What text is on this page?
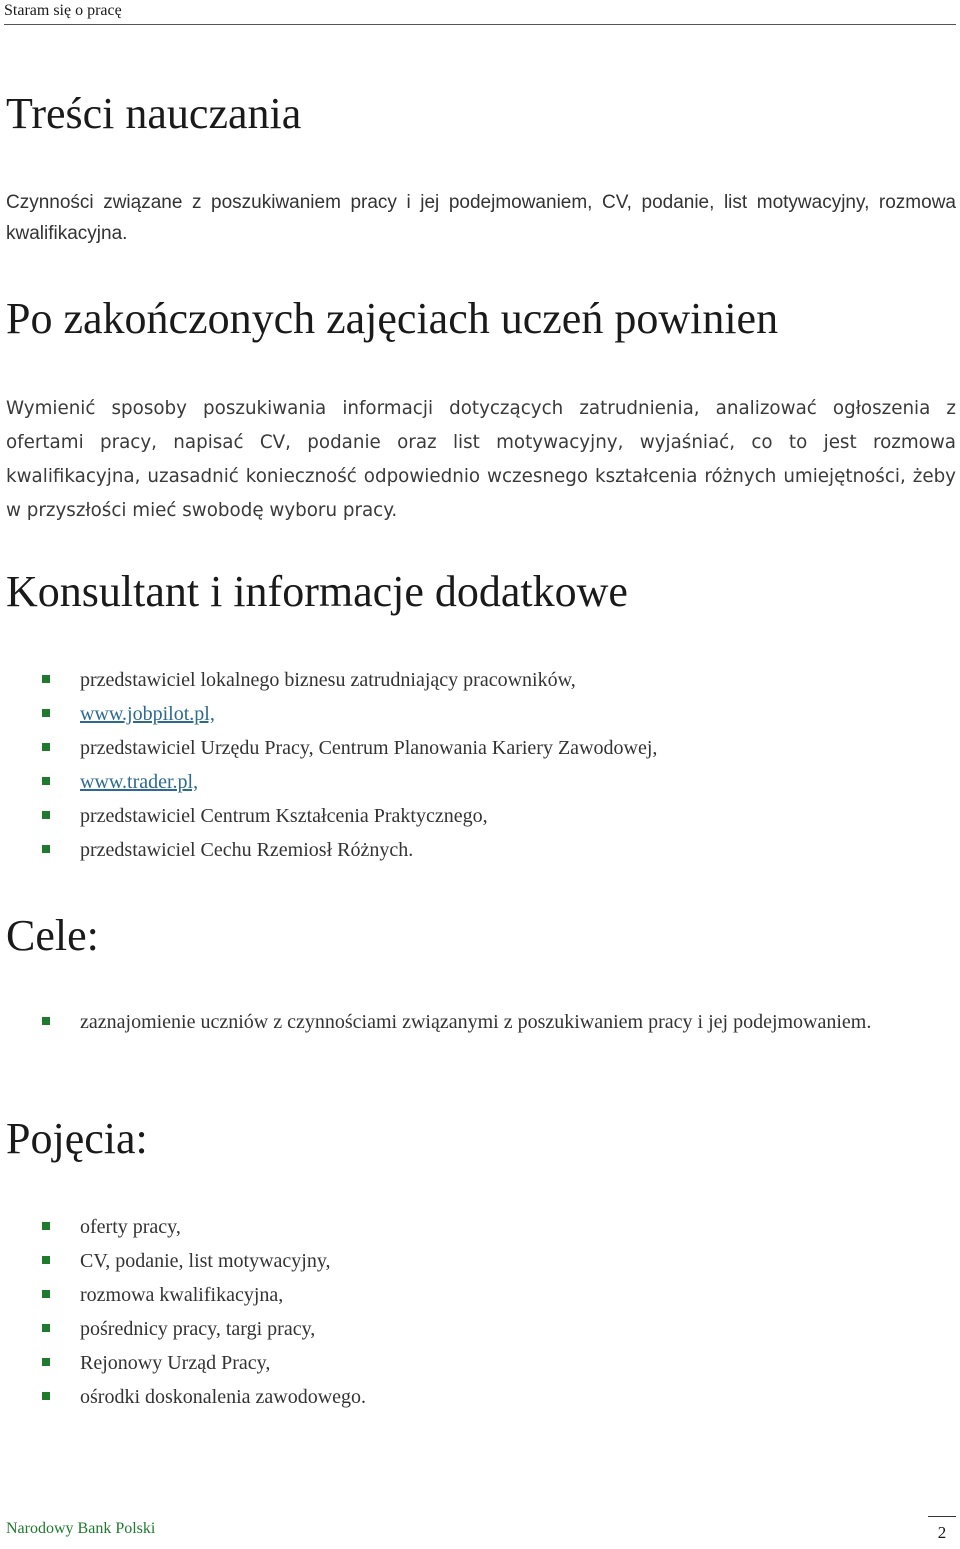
Staram się o pracę
Treści nauczania

Czynności związane z poszukiwaniem pracy i jej podejmowaniem, CV, podanie, list motywacyjny, rozmowa kwalifikacyjna.

Po zakończonych zajęciach uczeń powinien

Wymienić sposoby poszukiwania informacji dotyczących zatrudnienia, analizować ogłoszenia z ofertami pracy, napisać CV, podanie oraz list motywacyjny, wyjaśniać, co to jest rozmowa kwalifikacyjna, uzasadnić konieczność odpowiednio wczesnego kształcenia różnych umiejętności, żeby w przyszłości mieć swobodę wyboru pracy.

Konsultant i informacje dodatkowe
przedstawiciel lokalnego biznesu zatrudniający pracowników,
www.jobpilot.pl,
przedstawiciel Urzędu Pracy, Centrum Planowania Kariery Zawodowej,
www.trader.pl,
przedstawiciel Centrum Kształcenia Praktycznego,
przedstawiciel Cechu Rzemiosł Różnych.
Cele:
zaznajomienie uczniów z czynnościami związanymi z poszukiwaniem pracy i jej podejmowaniem.
Pojęcia:
oferty pracy,
CV, podanie, list motywacyjny,
rozmowa kwalifikacyjna,
pośrednicy pracy, targi pracy,
Rejonowy Urząd Pracy,
ośrodki doskonalenia zawodowego.
Narodowy Bank Polski	2
